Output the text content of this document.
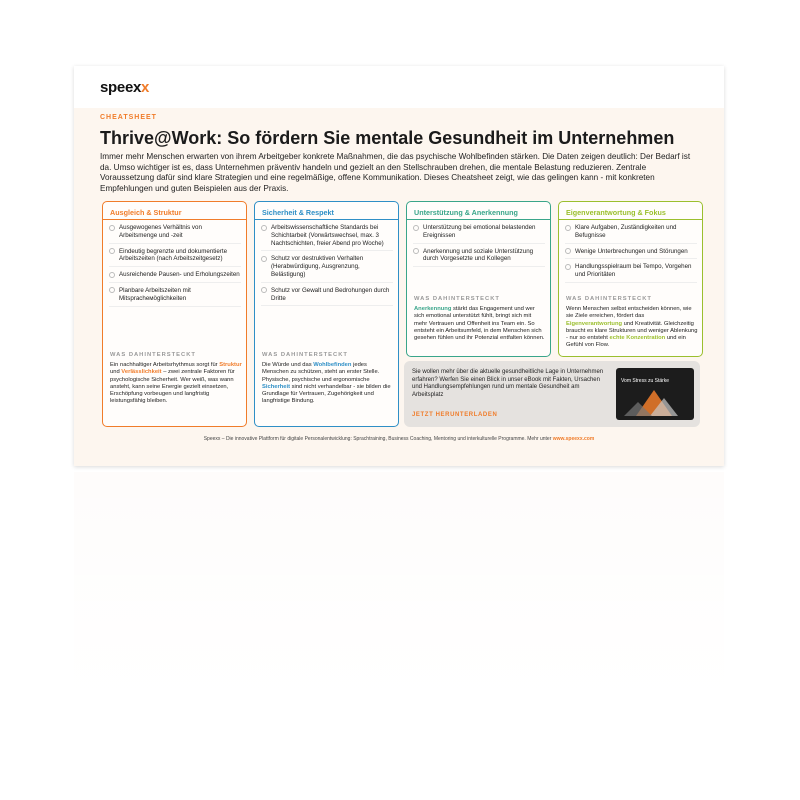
speexx
CHEATSHEET
Thrive@Work: So fördern Sie mentale Gesundheit im Unternehmen
Immer mehr Menschen erwarten von ihrem Arbeitgeber konkrete Maßnahmen, die das psychische Wohlbefinden stärken. Die Daten zeigen deutlich: Der Bedarf ist da. Umso wichtiger ist es, dass Unternehmen präventiv handeln und gezielt an den Stellschrauben drehen, die mentale Belastung reduzieren. Zentrale Voraussetzung dafür sind klare Strategien und eine regelmäßige, offene Kommunikation. Dieses Cheatsheet zeigt, wie das gelingen kann - mit konkreten Empfehlungen und guten Beispielen aus der Praxis.
Ausgleich & Struktur
Ausgewogenes Verhältnis von Arbeitsmenge und -zeit
Eindeutig begrenzte und dokumentierte Arbeitszeiten (nach Arbeitszeitgesetz)
Ausreichende Pausen- und Erholungszeiten
Planbare Arbeitszeiten mit Mitspracheмöglichkeiten
WAS DAHINTERSTECKT
Ein nachhaltiger Arbeitsrhythmus sorgt für Struktur und Verlässlichkeit – zwei zentrale Faktoren für psychologische Sicherheit. Wer weiß, was wann ansteht, kann seine Energie gezielt einsetzen, Erschöpfung vorbeugen und langfristig leistungsfähig bleiben.
Sicherheit & Respekt
Arbeitswissenschaftliche Standards bei Schichtarbeit (Vorwärtswechsel, max. 3 Nachtschichten, freier Abend pro Woche)
Schutz vor destruktiven Verhalten (Herabwürdigung, Ausgrenzung, Belästigung)
Schutz vor Gewalt und Bedrohungen durch Dritte
WAS DAHINTERSTECKT
Die Würde und das Wohlbefinden jedes Menschen zu schützen, steht an erster Stelle. Physische, psychische und ergonomische Sicherheit sind nicht verhandelbar - sie bilden die Grundlage für Vertrauen, Zugehörigkeit und langfristige Bindung.
Unterstützung & Anerkennung
Unterstützung bei emotional belastenden Ereignissen
Anerkennung und soziale Unterstützung durch Vorgesetzte und Kollegen
WAS DAHINTERSTECKT
Anerkennung stärkt das Engagement und wer sich emotional unterstützt fühlt, bringt sich mit mehr Vertrauen und Offenheit ins Team ein. So entsteht ein Arbeitsumfeld, in dem Menschen sich gesehen fühlen und ihr Potenzial entfalten können.
Eigenverantwortung & Fokus
Klare Aufgaben, Zuständigkeiten und Befugnisse
Wenige Unterbrechungen und Störungen
Handlungsspielraum bei Tempo, Vorgehen und Prioritäten
WAS DAHINTERSTECKT
Wenn Menschen selbst entscheiden können, wie sie Ziele erreichen, fördert das Eigenverantwortung und Kreativität. Gleichzeitig braucht es klare Strukturen und weniger Ablenkung - nur so entsteht echte Konzentration und ein Gefühl von Flow.
Sie wollen mehr über die aktuelle gesundheitliche Lage in Unternehmen erfahren? Werfen Sie einen Blick in unser eBook mit Fakten, Ursachen und Handlungsempfehlungen rund um mentale Gesundheit am Arbeitsplatz
JETZT HERUNTERLADEN
Vom Stress zu Stärke
Speexx – Die innovative Plattform für digitale Personalentwicklung: Sprachtraining, Business Coaching, Mentoring und interkulturelle Programme. Mehr unter www.speexx.com
